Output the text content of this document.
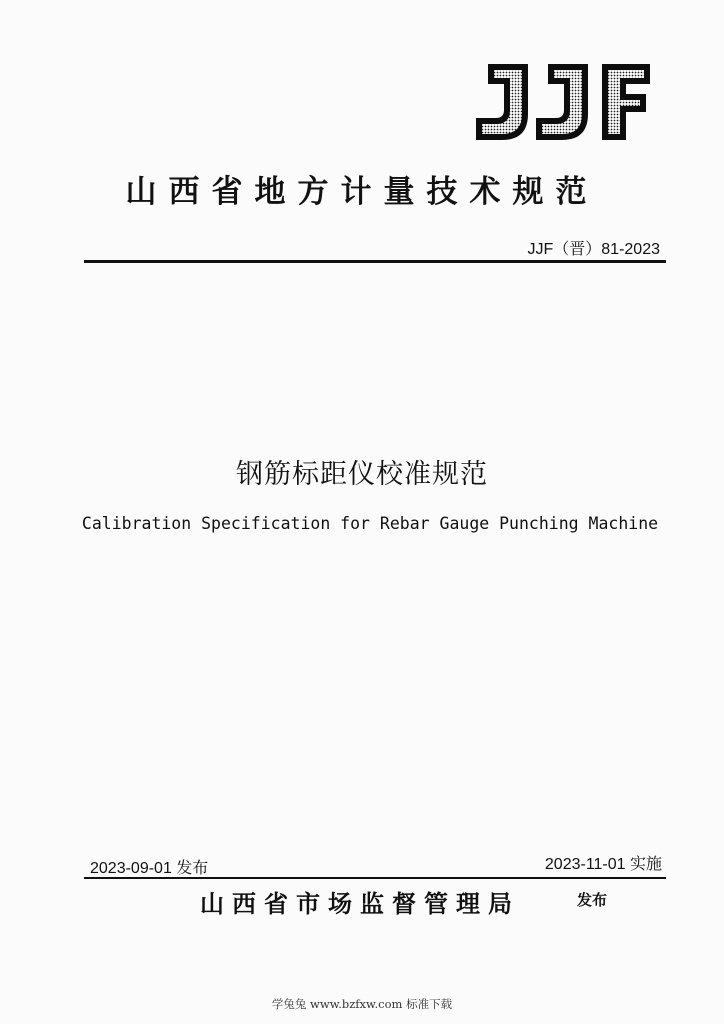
山西省地方计量技术规范
JJF（晋）81-2023
钢筋标距仪校准规范
Calibration Specification for Rebar Gauge Punching Machine
2023-09-01 发布	2023-11-01 实施
山西省市场监督管理局	发布
学兔兔 www.bzfxw.com 标准下载
